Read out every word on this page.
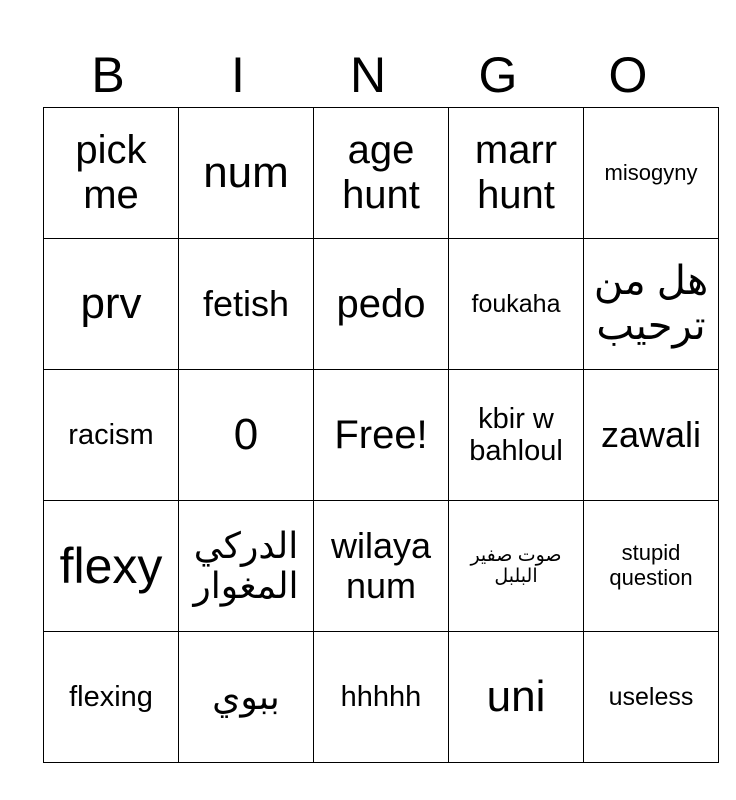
B	I	N	G	O
pick me	num	age hunt	marr hunt	misogyny
prv	fetish	pedo	foukaha	هل من ترحيب
racism	0	Free!	kbir w bahloul	zawali
flexy	الدركي المغوار	wilaya num	صوت صفير البلبل	stupid question
flexing	ببوي	hhhhh	uni	useless
